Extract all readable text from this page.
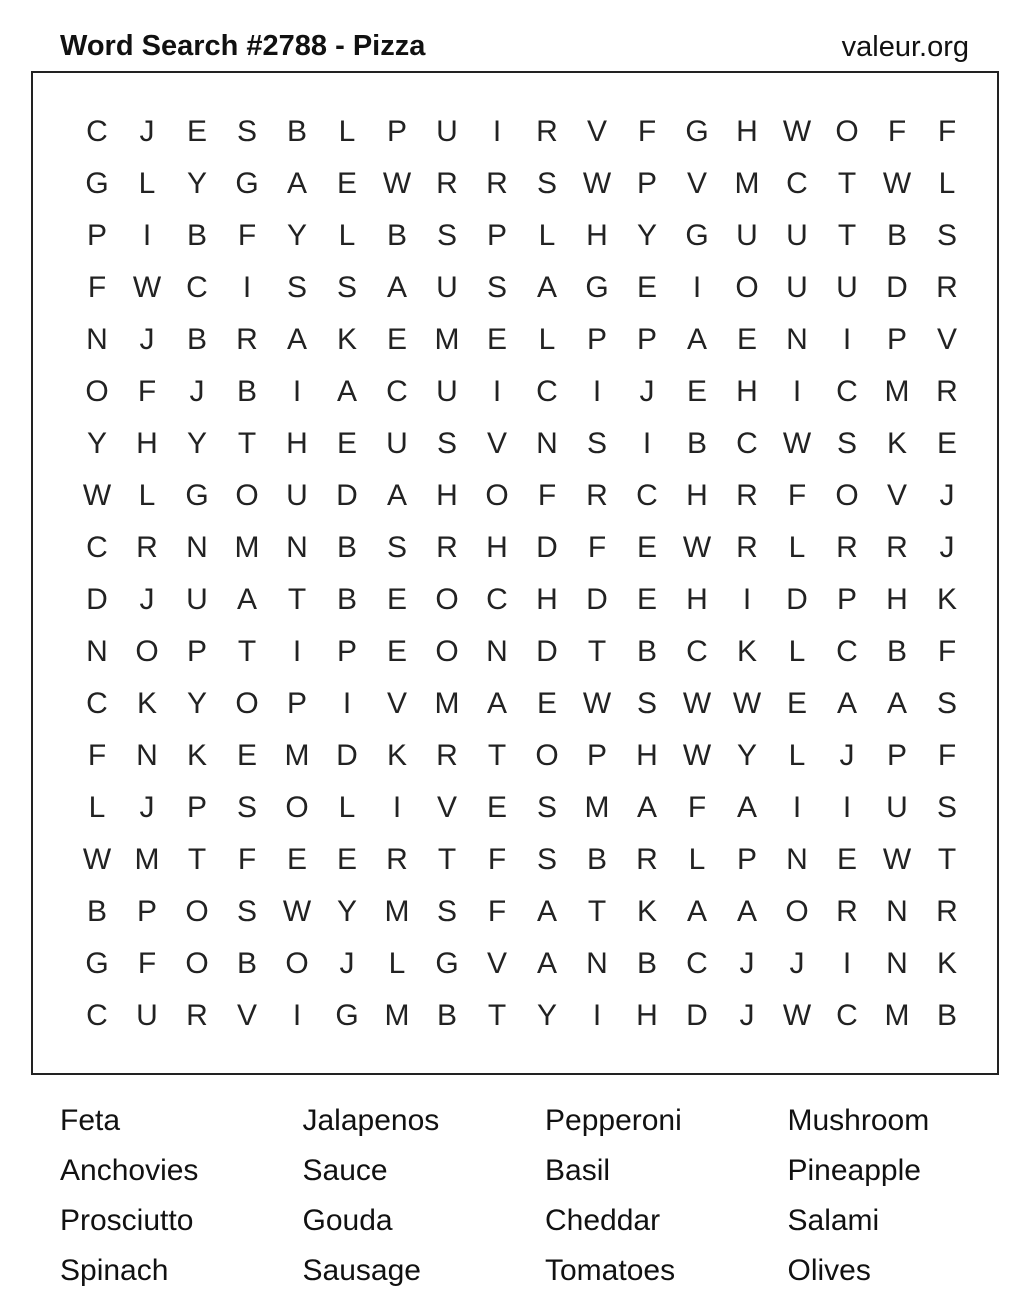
Word Search #2788 - Pizza	valeur.org
C	J	E S B	L	P U	I	R V	F G H W O F	F
G L	Y G A E W R R S W P V M C	T W L
P	I	B	F	Y	L	B S P	L	H Y G U U	T	B S
F W C	I	S S A U S A G E	I	O U U D R
N	J	B R A K E M E	L	P P A E N	I	P V
O F	J	B	I	A C U	I	C	I	J	E H	I	C M R
Y H Y	T	H E U S V N S	I	B C W S K E
W L G O U D A H O F	R C H R	F O V	J
C R N M N B S R H D	F	E W R	L	R R	J
D	J	U A	T	B E O C H D E H	I	D P H K
N O P	T	I	P E O N D	T	B C K	L	C B	F
C K Y O P	I	V M A E W S W W E A A S
F	N K E M D K R	T O P H W Y	L	J	P	F
L	J	P S O L	I	V E S M A	F	A	I	I	U S
W M T	F	E E R	T	F	S B R	L	P N E W T
B P O S W Y M S	F	A	T	K A A O R N R
G F O B O	J	L G V A N B C	J	J	I	N K
C U R V	I	G M B	T	Y	I	H D	J W C M B
Feta	Jalapenos	Pepperoni	Mushroom
Anchovies	Sauce	Basil	Pineapple
Prosciutto	Gouda	Cheddar	Salami
Spinach	Sausage	Tomatoes	Olives
